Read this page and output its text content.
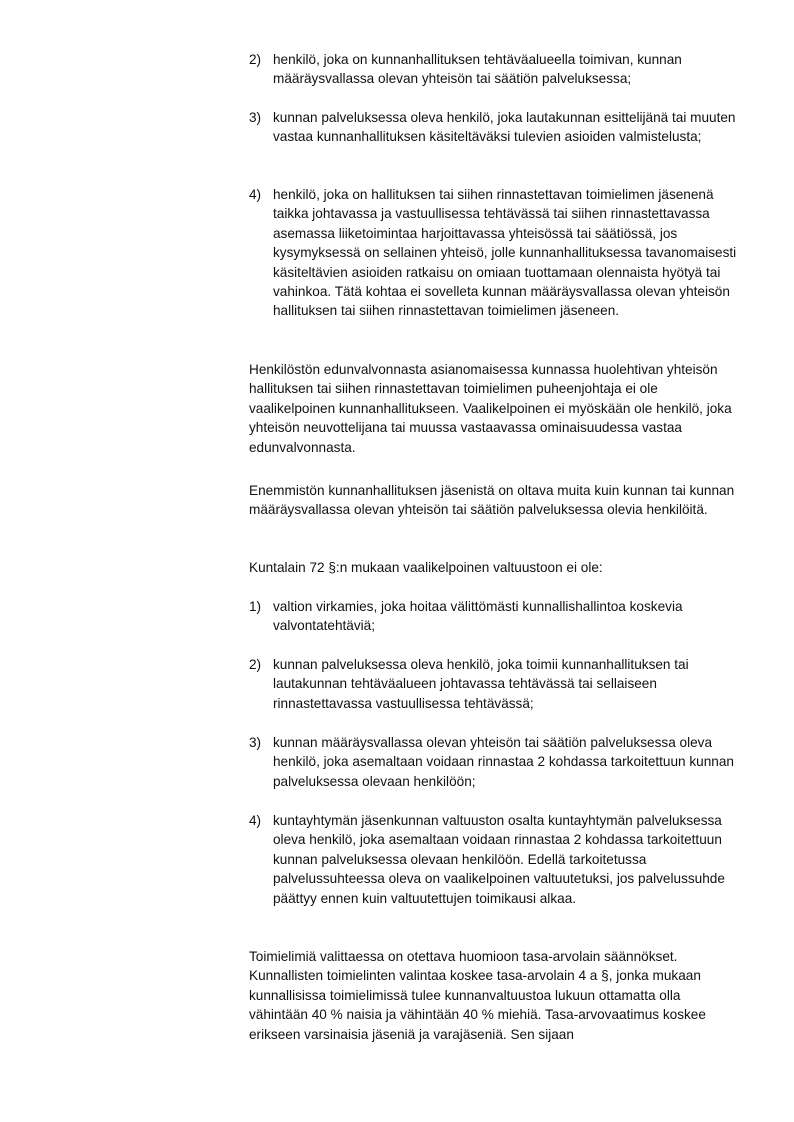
2) henkilö, joka on kunnanhallituksen tehtäväalueella toimivan, kunnan määräysvallassa olevan yhteisön tai säätiön palveluksessa;
3) kunnan palveluksessa oleva henkilö, joka lautakunnan esittelijänä tai muuten vastaa kunnanhallituksen käsiteltäväksi tulevien asioiden valmistelusta;
4) henkilö, joka on hallituksen tai siihen rinnastettavan toimielimen jäsenenä taikka johtavassa ja vastuullisessa tehtävässä tai siihen rinnastettavassa asemassa liiketoimintaa harjoittavassa yhteisössä tai säätiössä, jos kysymyksessä on sellainen yhteisö, jolle kunnanhallituksessa tavanomaisesti käsiteltävien asioiden ratkaisu on omiaan tuottamaan olennaista hyötyä tai vahinkoa. Tätä kohtaa ei sovelleta kunnan määräysvallassa olevan yhteisön hallituksen tai siihen rinnastettavan toimielimen jäseneen.

Henkilöstön edunvalvonnasta asianomaisessa kunnassa huolehtivan yhteisön hallituksen tai siihen rinnastettavan toimielimen puheenjohtaja ei ole vaalikelpoinen kunnanhallitukseen. Vaalikelpoinen ei myöskään ole henkilö, joka yhteisön neuvottelijana tai muussa vastaavassa ominaisuudessa vastaa edunvalvonnasta.

Enemmistön kunnanhallituksen jäsenistä on oltava muita kuin kunnan tai kunnan määräysvallassa olevan yhteisön tai säätiön palveluksessa olevia henkilöitä.

Kuntalain 72 §:n mukaan vaalikelpoinen valtuustoon ei ole:

1) valtion virkamies, joka hoitaa välittömästi kunnallishallintoa koskevia valvontatehtäviä;
2) kunnan palveluksessa oleva henkilö, joka toimii kunnanhallituksen tai lautakunnan tehtäväalueen johtavassa tehtävässä tai sellaiseen rinnastettavassa vastuullisessa tehtävässä;
3) kunnan määräysvallassa olevan yhteisön tai säätiön palveluksessa oleva henkilö, joka asemaltaan voidaan rinnastaa 2 kohdassa tarkoitettuun kunnan palveluksessa olevaan henkilöön;
4) kuntayhtymän jäsenkunnan valtuuston osalta kuntayhtymän palveluksessa oleva henkilö, joka asemaltaan voidaan rinnastaa 2 kohdassa tarkoitettuun kunnan palveluksessa olevaan henkilöön. Edellä tarkoitetussa palvelussuhteessa oleva on vaalikelpoinen valtuutetuksi, jos palvelussuhde päättyy ennen kuin valtuutettujen toimikausi alkaa.

Toimielimiä valittaessa on otettava huomioon tasa-arvolain säännökset. Kunnallisten toimielinten valintaa koskee tasa-arvolain 4 a §, jonka mukaan kunnallisissa toimielimissä tulee kunnanvaltuustoa lukuun ottamatta olla vähintään 40 % naisia ja vähintään 40 % miehiä. Tasa-arvovaatimus koskee erikseen varsinaisia jäseniä ja varajäseniä. Sen sijaan
